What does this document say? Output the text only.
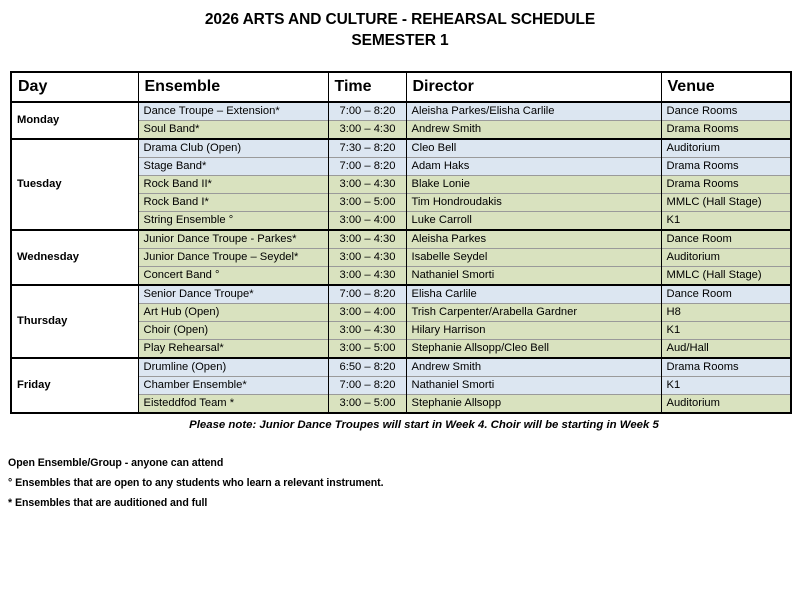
2026 ARTS AND CULTURE - REHEARSAL SCHEDULE
SEMESTER 1
Day	Ensemble	Time	Director	Venue
Monday	Dance Troupe – Extension*	7:00 – 8:20	Aleisha Parkes/Elisha Carlile	Dance Rooms
	Soul Band*	3:00 – 4:30	Andrew Smith	Drama Rooms
Tuesday	Drama Club (Open)	7:30 – 8:20	Cleo Bell	Auditorium
	Stage Band*	7:00 – 8:20	Adam Haks	Drama Rooms
	Rock Band II*	3:00 – 4:30	Blake Lonie	Drama Rooms
	Rock Band I*	3:00 – 5:00	Tim Hondroudakis	MMLC (Hall Stage)
	String Ensemble °	3:00 – 4:00	Luke Carroll	K1
Wednesday	Junior Dance Troupe - Parkes*	3:00 – 4:30	Aleisha Parkes	Dance Room
	Junior Dance Troupe – Seydel*	3:00 – 4:30	Isabelle Seydel	Auditorium
	Concert Band °	3:00 – 4:30	Nathaniel Smorti	MMLC (Hall Stage)
Thursday	Senior Dance Troupe*	7:00 – 8:20	Elisha Carlile	Dance Room
	Art Hub (Open)	3:00 – 4:00	Trish Carpenter/Arabella Gardner	H8
	Choir (Open)	3:00 – 4:30	Hilary Harrison	K1
	Play Rehearsal*	3:00 – 5:00	Stephanie Allsopp/Cleo Bell	Aud/Hall
Friday	Drumline (Open)	6:50 – 8:20	Andrew Smith	Drama Rooms
	Chamber Ensemble*	7:00 – 8:20	Nathaniel Smorti	K1
	Eisteddfod Team *	3:00 – 5:00	Stephanie Allsopp	Auditorium
Please note: Junior Dance Troupes will start in Week 4. Choir will be starting in Week 5
Open Ensemble/Group - anyone can attend
° Ensembles that are open to any students who learn a relevant instrument.
* Ensembles that are auditioned and full
